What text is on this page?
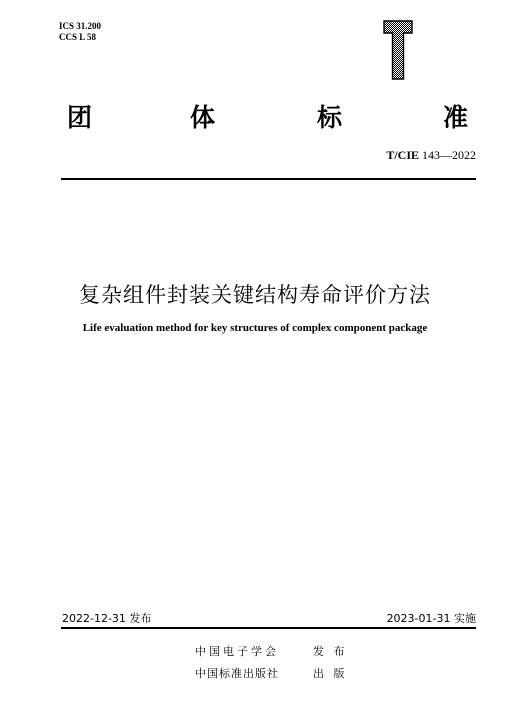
ICS 31.200
CCS L 58
团	体	标	准
T/CIE 143—2022
复杂组件封装关键结构寿命评价方法
Life evaluation method for key structures of complex component package
2022-12-31 发布	2023-01-31 实施
中国电子学会	发 布
中国标准出版社	出 版
